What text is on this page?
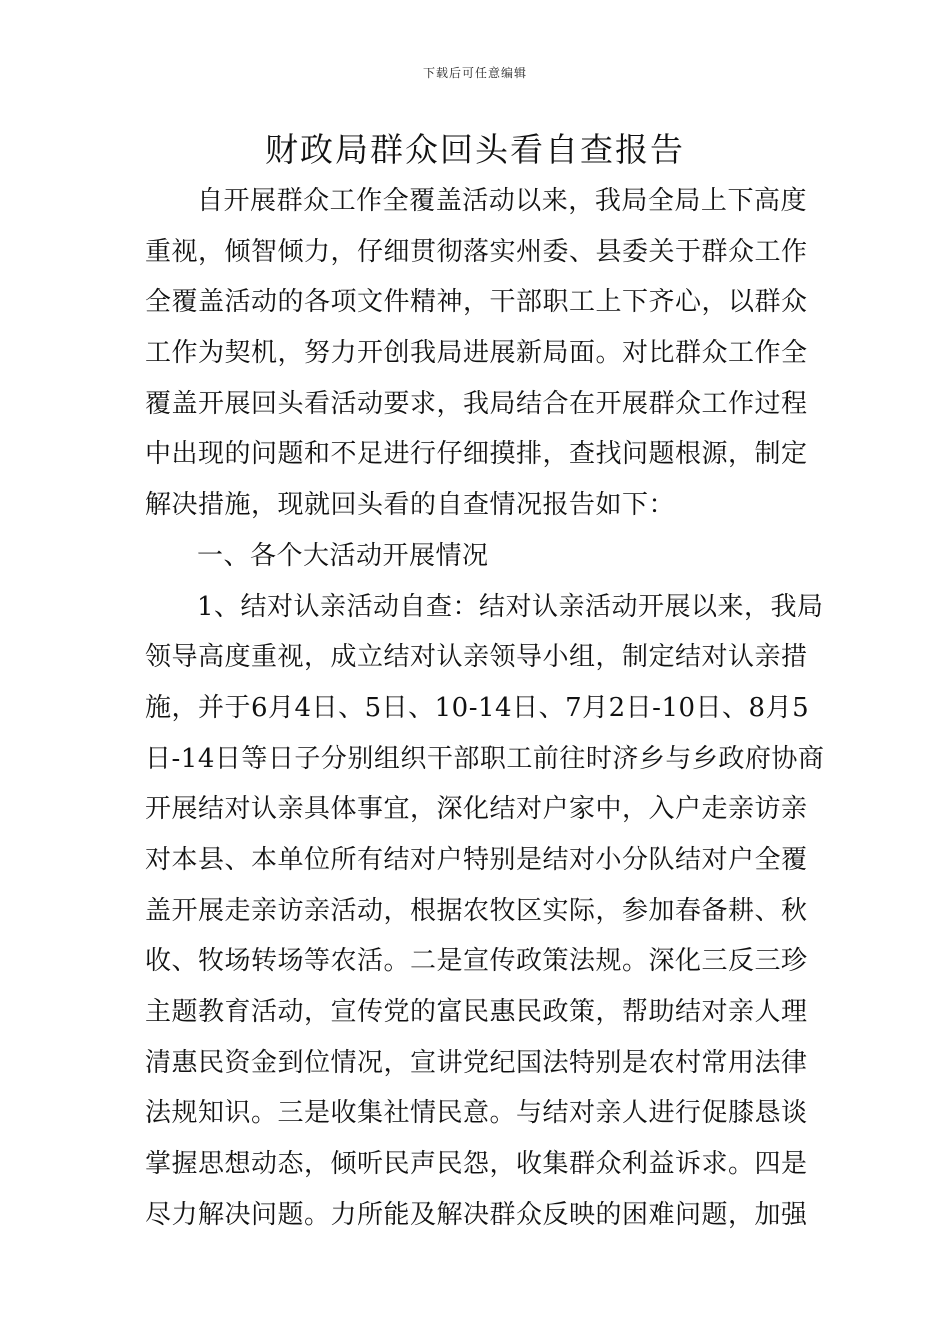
下载后可任意编辑
财政局群众回头看自查报告
自开展群众工作全覆盖活动以来，我局全局上下高度
重视，倾智倾力，仔细贯彻落实州委、县委关于群众工作
全覆盖活动的各项文件精神，干部职工上下齐心，以群众
工作为契机，努力开创我局进展新局面。对比群众工作全
覆盖开展回头看活动要求，我局结合在开展群众工作过程
中出现的问题和不足进行仔细摸排，查找问题根源，制定
解决措施，现就回头看的自查情况报告如下：
一、各个大活动开展情况
1、结对认亲活动自查：结对认亲活动开展以来，我局
领导高度重视，成立结对认亲领导小组，制定结对认亲措
施，并于6月4日、5日、10-14日、7月2日-10日、8月5
日-14日等日子分别组织干部职工前往时济乡与乡政府协商
开展结对认亲具体事宜，深化结对户家中，入户走亲访亲
对本县、本单位所有结对户特别是结对小分队结对户全覆
盖开展走亲访亲活动，根据农牧区实际，参加春备耕、秋
收、牧场转场等农活。二是宣传政策法规。深化三反三珍
主题教育活动，宣传党的富民惠民政策，帮助结对亲人理
清惠民资金到位情况，宣讲党纪国法特别是农村常用法律
法规知识。三是收集社情民意。与结对亲人进行促膝恳谈
掌握思想动态，倾听民声民怨，收集群众利益诉求。四是
尽力解决问题。力所能及解决群众反映的困难问题，加强
